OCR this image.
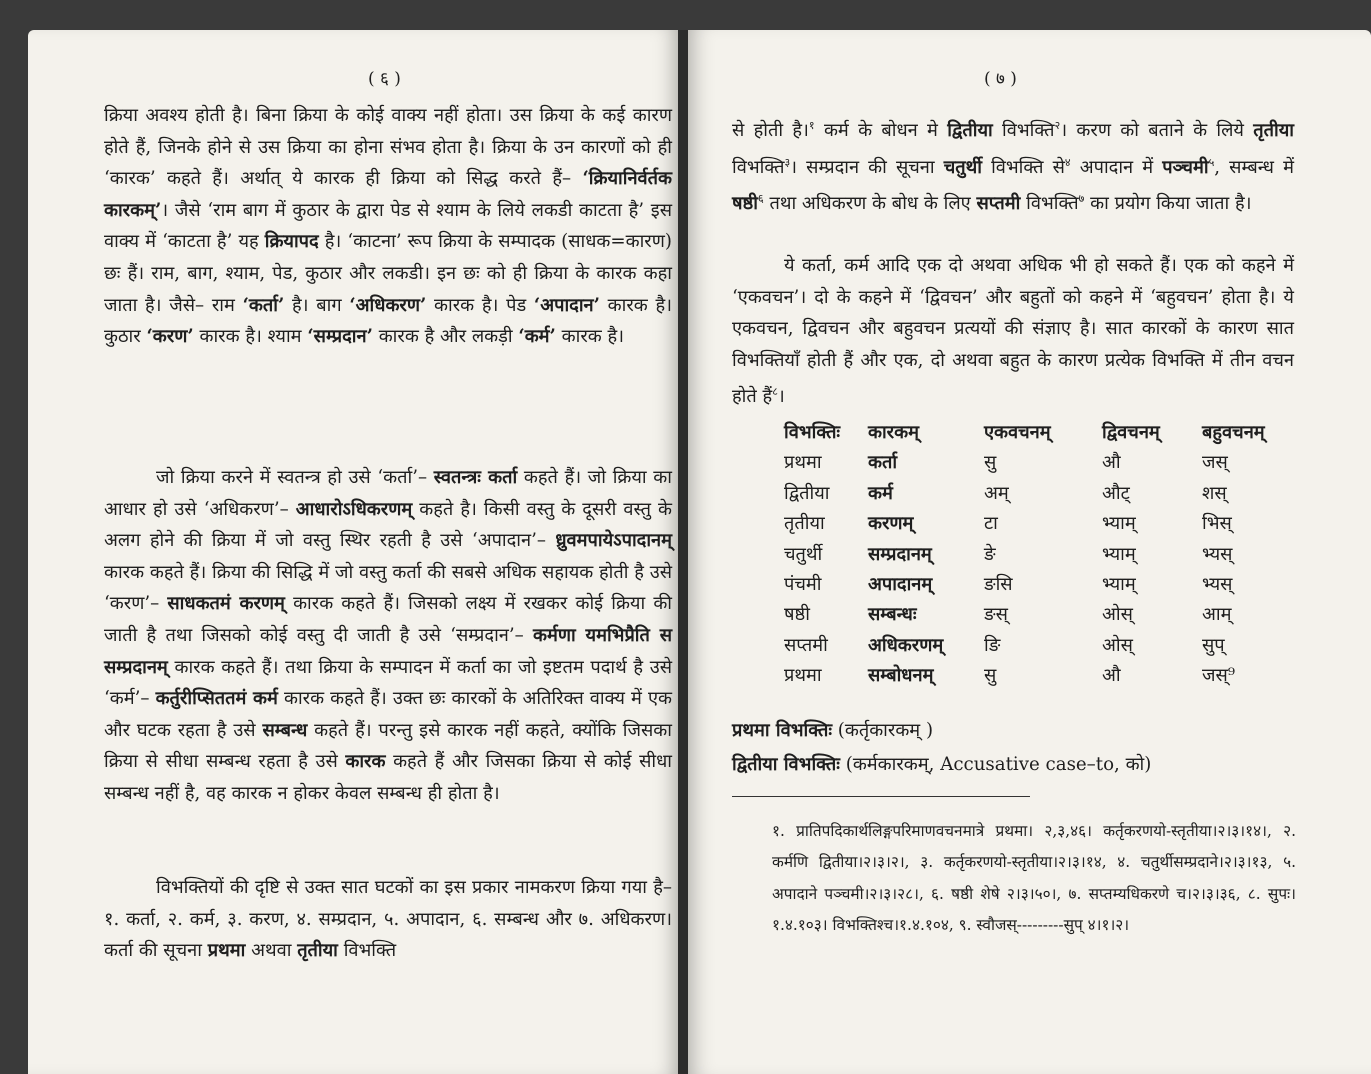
( ६ )

क्रिया अवश्य होती है। बिना क्रिया के कोई वाक्य नहीं होता। उस क्रिया के कई कारण होते हैं, जिनके होने से उस क्रिया का होना संभव होता है। क्रिया के उन कारणों को ही ‘कारक’ कहते हैं। अर्थात् ये कारक ही क्रिया को सिद्ध करते हैं– ‘क्रियानिर्वर्तक कारकम्’। जैसे ‘राम बाग में कुठार के द्वारा पेड से श्याम के लिये लकडी काटता है’ इस वाक्य में ‘काटता है’ यह क्रियापद है। ‘काटना’ रूप क्रिया के सम्पादक (साधक=कारण) छः हैं। राम, बाग, श्याम, पेड, कुठार और लकडी। इन छः को ही क्रिया के कारक कहा जाता है। जैसे– राम ‘कर्ता’ है। बाग ‘अधिकरण’ कारक है। पेड ‘अपादान’ कारक है। कुठार ‘करण’ कारक है। श्याम ‘सम्प्रदान’ कारक है और लकड़ी ‘कर्म’ कारक है।

जो क्रिया करने में स्वतन्त्र हो उसे ‘कर्ता’– स्वतन्त्रः कर्ता कहते हैं। जो क्रिया का आधार हो उसे ‘अधिकरण’– आधारोऽधिकरणम् कहते है। किसी वस्तु के दूसरी वस्तु के अलग होने की क्रिया में जो वस्तु स्थिर रहती है उसे ‘अपादान’– ध्रुवमपायेऽपादानम् कारक कहते हैं। क्रिया की सिद्धि में जो वस्तु कर्ता की सबसे अधिक सहायक होती है उसे ‘करण’– साधकतमं करणम् कारक कहते हैं। जिसको लक्ष्य में रखकर कोई क्रिया की जाती है तथा जिसको कोई वस्तु दी जाती है उसे ‘सम्प्रदान’– कर्मणा यमभिप्रैति स सम्प्रदानम् कारक कहते हैं। तथा क्रिया के सम्पादन में कर्ता का जो इष्टतम पदार्थ है उसे ‘कर्म’– कर्तुरीप्सिततमं कर्म कारक कहते हैं। उक्त छः कारकों के अतिरिक्त वाक्य में एक और घटक रहता है उसे सम्बन्ध कहते हैं। परन्तु इसे कारक नहीं कहते, क्योंकि जिसका क्रिया से सीधा सम्बन्ध रहता है उसे कारक कहते हैं और जिसका क्रिया से कोई सीधा सम्बन्ध नहीं है, वह कारक न होकर केवल सम्बन्ध ही होता है।

विभक्तियों की दृष्टि से उक्त सात घटकों का इस प्रकार नामकरण क्रिया गया है– १. कर्ता, २. कर्म, ३. करण, ४. सम्प्रदान, ५. अपादान, ६. सम्बन्ध और ७. अधिकरण। कर्ता की सूचना प्रथमा अथवा तृतीया विभक्ति

( ७ )

से होती है।$^१$ कर्म के बोधन मे द्वितीया विभक्ति$^२$। करण को बताने के लिये तृतीया विभक्ति$^३$। सम्प्रदान की सूचना चतुर्थी विभक्ति से$^४$ अपादान में पञ्चमी$^५$, सम्बन्ध में षष्ठी$^६$ तथा अधिकरण के बोध के लिए सप्तमी विभक्ति$^७$ का प्रयोग किया जाता है।

ये कर्ता, कर्म आदि एक दो अथवा अधिक भी हो सकते हैं। एक को कहने में ‘एकवचन’। दो के कहने में ‘द्विवचन’ और बहुतों को कहने में ‘बहुवचन’ होता है। ये एकवचन, द्विवचन और बहुवचन प्रत्ययों की संज्ञाए है। सात कारकों के कारण सात विभक्तियाँ होती हैं और एक, दो अथवा बहुत के कारण प्रत्येक विभक्ति में तीन वचन होते हैं$^८$।

विभक्तिः	कारकम्	एकवचनम्	द्विवचनम्	बहुवचनम्
प्रथमा	कर्ता	सु	औ	जस्
द्वितीया	कर्म	अम्	औट्	शस्
तृतीया	करणम्	टा	भ्याम्	भिस्
चतुर्थी	सम्प्रदानम्	ङे	भ्याम्	भ्यस्
पंचमी	अपादानम्	ङसि	भ्याम्	भ्यस्
षष्ठी	सम्बन्धः	ङस्	ओस्	आम्
सप्तमी	अधिकरणम्	ङि	ओस्	सुप्
प्रथमा	सम्बोधनम्	सु	औ	जस्⁹
प्रथमा विभक्तिः (कर्तृकारकम् )
द्वितीया विभक्तिः (कर्मकारकम्, Accusative case–to, को)

१. प्रातिपदिकार्थलिङ्गपरिमाणवचनमात्रे प्रथमा। २,३,४६। कर्तृकरणयो-स्तृतीया।२।३।१४।, २. कर्मणि द्वितीया।२।३।२।, ३. कर्तृकरणयो-स्तृतीया।२।३।१४, ४. चतुर्थीसम्प्रदाने।२।३।१३, ५. अपादाने पञ्चमी।२।३।२८।, ६. षष्ठी शेषे २।३।५०।, ७. सप्तम्यधिकरणे च।२।३।३६, ८. सुपः। १.४.१०३। विभक्तिश्च।१.४.१०४, ९. स्वौजस्---------सुप् ४।१।२।
